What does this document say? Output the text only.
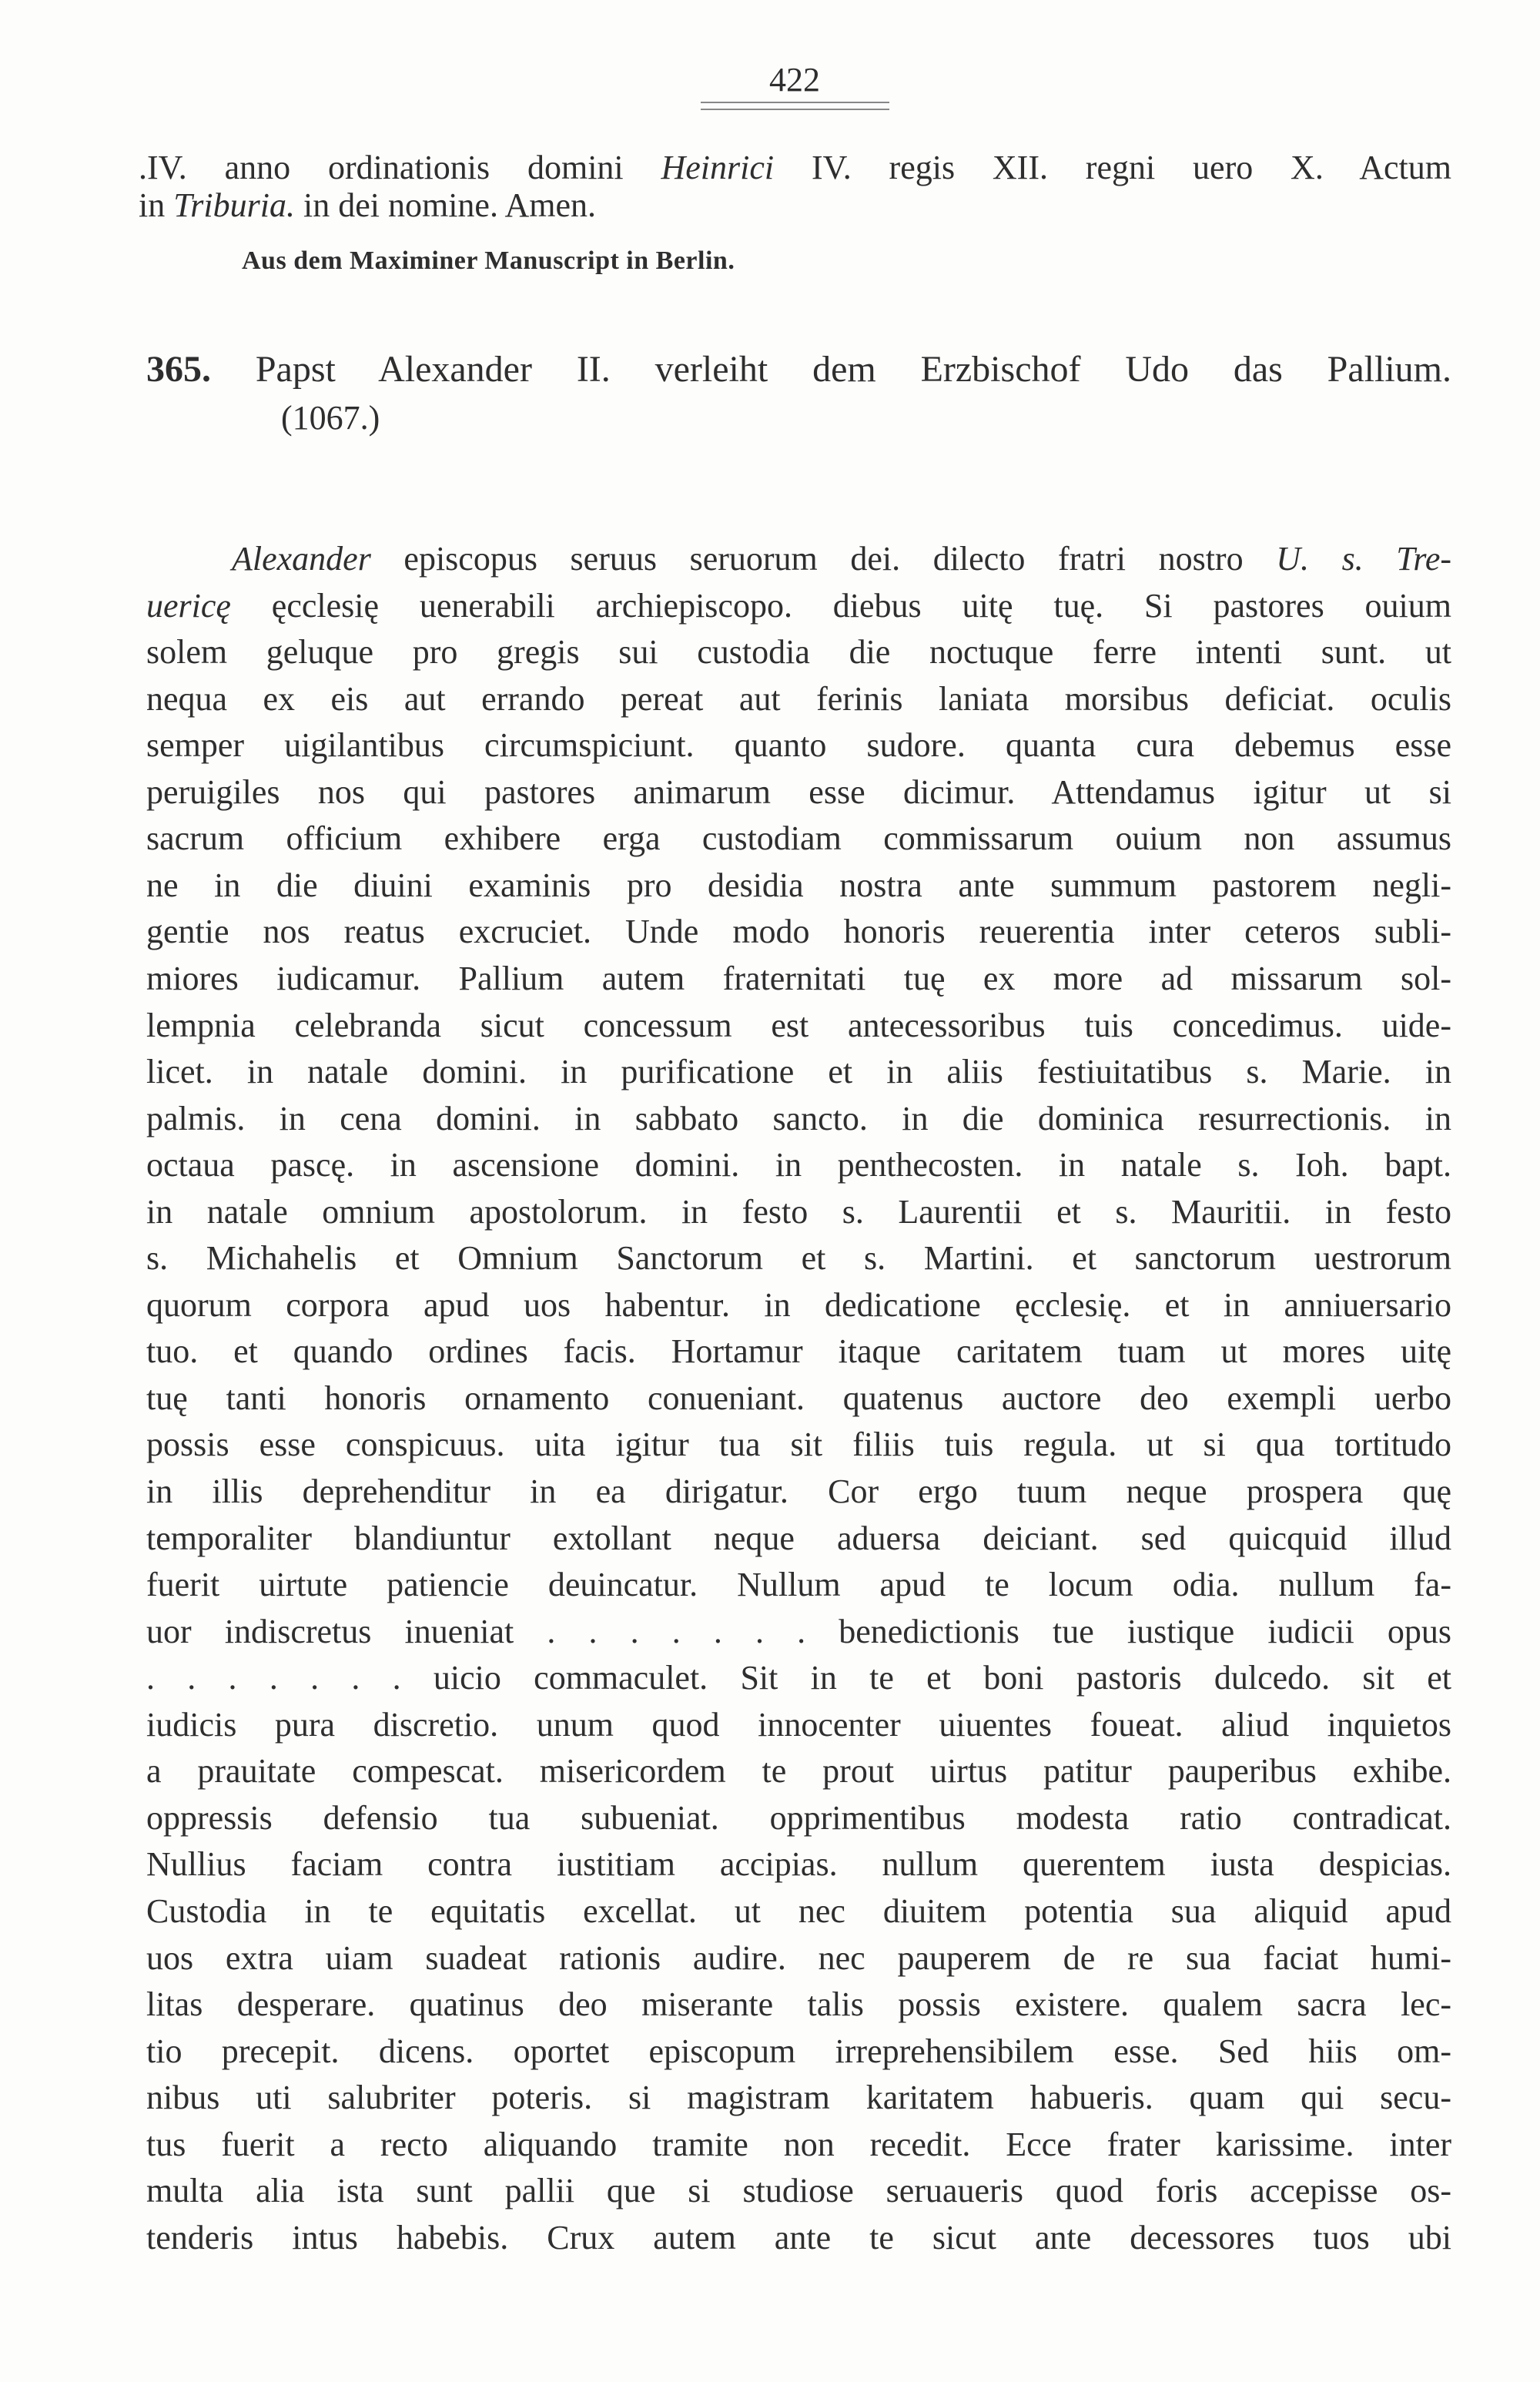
422
.IV. anno ordinationis domini Heinrici IV. regis XII. regni uero X. Actum
in Triburia. in dei nomine. Amen.
Aus dem Maximiner Manuscript in Berlin.
365. Papst Alexander II. verleiht dem Erzbischof Udo das Pallium.
(1067.)
Alexander episcopus seruus seruorum dei. dilecto fratri nostro U. s. Tre-
uericę ęcclesię uenerabili archiepiscopo. diebus uitę tuę. Si pastores ouium
solem geluque pro gregis sui custodia die noctuque ferre intenti sunt. ut
nequa ex eis aut errando pereat aut ferinis laniata morsibus deficiat. oculis
semper uigilantibus circumspiciunt. quanto sudore. quanta cura debemus esse
peruigiles nos qui pastores animarum esse dicimur. Attendamus igitur ut si
sacrum officium exhibere erga custodiam commissarum ouium non assumus
ne in die diuini examinis pro desidia nostra ante summum pastorem negli-
gentie nos reatus excruciet. Unde modo honoris reuerentia inter ceteros subli-
miores iudicamur. Pallium autem fraternitati tuę ex more ad missarum sol-
lempnia celebranda sicut concessum est antecessoribus tuis concedimus. uide-
licet. in natale domini. in purificatione et in aliis festiuitatibus s. Marie. in
palmis. in cena domini. in sabbato sancto. in die dominica resurrectionis. in
octaua pascę. in ascensione domini. in penthecosten. in natale s. Ioh. bapt.
in natale omnium apostolorum. in festo s. Laurentii et s. Mauritii. in festo
s. Michahelis et Omnium Sanctorum et s. Martini. et sanctorum uestrorum
quorum corpora apud uos habentur. in dedicatione ęcclesię. et in anniuersario
tuo. et quando ordines facis. Hortamur itaque caritatem tuam ut mores uitę
tuę tanti honoris ornamento conueniant. quatenus auctore deo exempli uerbo
possis esse conspicuus. uita igitur tua sit filiis tuis regula. ut si qua tortitudo
in illis deprehenditur in ea dirigatur. Cor ergo tuum neque prospera quę
temporaliter blandiuntur extollant neque aduersa deiciant. sed quicquid illud
fuerit uirtute patiencie deuincatur. Nullum apud te locum odia. nullum fa-
uor indiscretus inueniat . . . . . . . benedictionis tue iustique iudicii opus
. . . . . . . uicio commaculet. Sit in te et boni pastoris dulcedo. sit et
iudicis pura discretio. unum quod innocenter uiuentes foueat. aliud inquietos
a prauitate compescat. misericordem te prout uirtus patitur pauperibus exhibe.
oppressis defensio tua subueniat. opprimentibus modesta ratio contradicat.
Nullius faciam contra iustitiam accipias. nullum querentem iusta despicias.
Custodia in te equitatis excellat. ut nec diuitem potentia sua aliquid apud
uos extra uiam suadeat rationis audire. nec pauperem de re sua faciat humi-
litas desperare. quatinus deo miserante talis possis existere. qualem sacra lec-
tio precepit. dicens. oportet episcopum irreprehensibilem esse. Sed hiis om-
nibus uti salubriter poteris. si magistram karitatem habueris. quam qui secu-
tus fuerit a recto aliquando tramite non recedit. Ecce frater karissime. inter
multa alia ista sunt pallii que si studiose seruaueris quod foris accepisse os-
tenderis intus habebis. Crux autem ante te sicut ante decessores tuos ubi
